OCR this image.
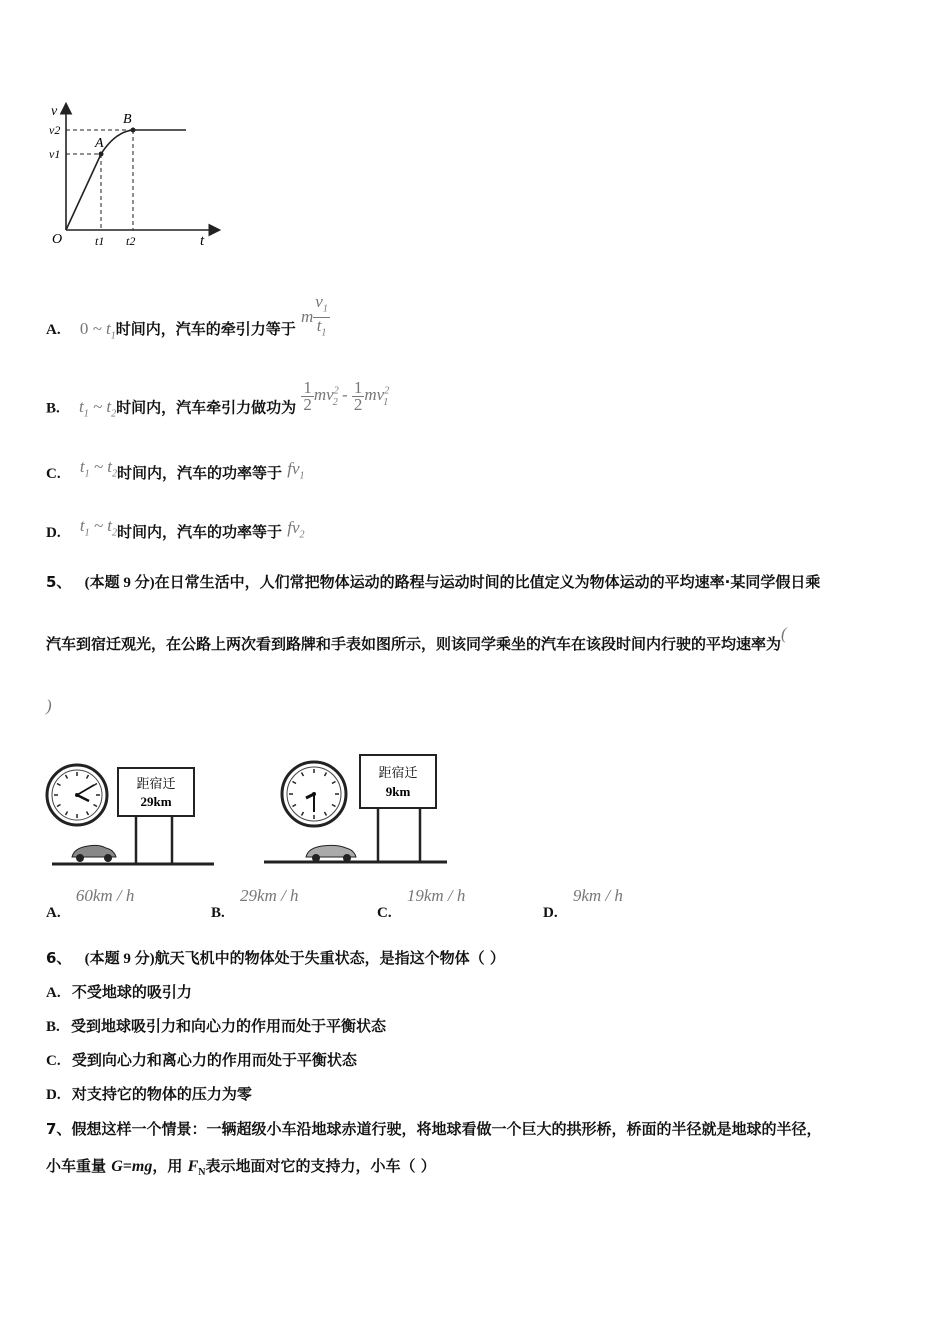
v
t
O
v1
v2
t1 t2
A
B
A. 0 ~ $t_1$时间内，汽车的牵引力等于 m $\frac{v_1}{t_1}$
B. $t_1$ ~ $t_2$时间内，汽车牵引力做功为 $\frac{1}{2} mv^2_2 - \frac{1}{2} mv^2_1$
C. $t_1$ ~ $t_2$时间内，汽车的功率等于 $fv_1$
D. $t_1$ ~ $t_2$时间内，汽车的功率等于 $fv_2$
5、 (本题 9 分)在日常生活中，人们常把物体运动的路程与运动时间的比值定义为物体运动的平均速率·某同学假日乘
汽车到宿迁观光，在公路上两次看到路牌和手表如图所示，则该同学乘坐的汽车在该段时间内行驶的平均速率为(
)
距宿迁
29km
距宿迁
9km
A. 60km / h
B. 29km / h
C. 19km / h
D. 9km / h
6、 (本题 9 分)航天飞机中的物体处于失重状态，是指这个物体（ ）
A. 不受地球的吸引力
B. 受到地球吸引力和向心力的作用而处于平衡状态
C. 受到向心力和离心力的作用而处于平衡状态
D. 对支持它的物体的压力为零
7、假想这样一个情景：一辆超级小车沿地球赤道行驶，将地球看做一个巨大的拱形桥，桥面的半径就是地球的半径，
小车重量 G=mg，用 $F_N$表示地面对它的支持力，小车（ ）
